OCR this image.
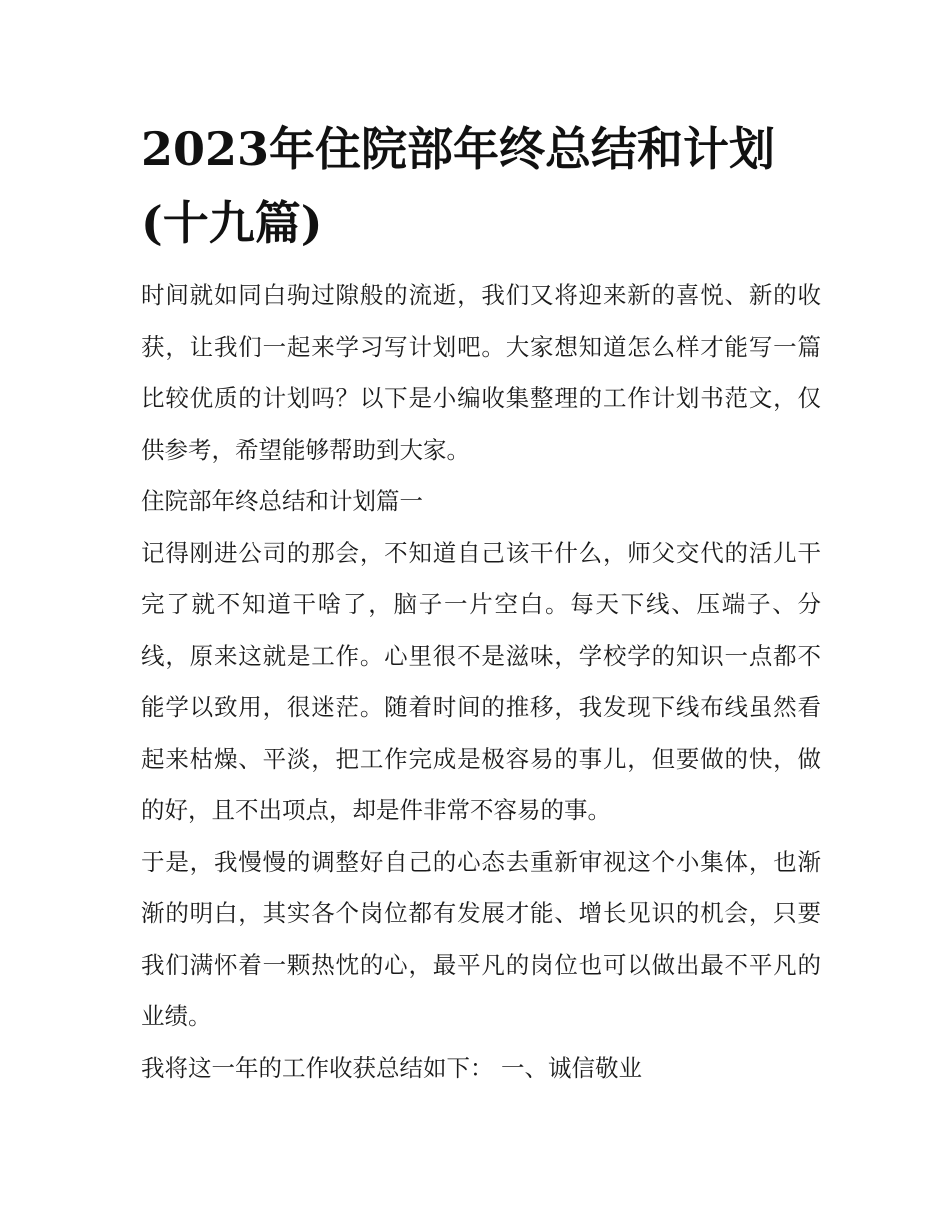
2023年住院部年终总结和计划(十九篇)

时间就如同白驹过隙般的流逝，我们又将迎来新的喜悦、新的收获，让我们一起来学习写计划吧。大家想知道怎么样才能写一篇比较优质的计划吗？以下是小编收集整理的工作计划书范文，仅供参考，希望能够帮助到大家。

住院部年终总结和计划篇一

记得刚进公司的那会，不知道自己该干什么，师父交代的活儿干完了就不知道干啥了，脑子一片空白。每天下线、压端子、分线，原来这就是工作。心里很不是滋味，学校学的知识一点都不能学以致用，很迷茫。随着时间的推移，我发现下线布线虽然看起来枯燥、平淡，把工作完成是极容易的事儿，但要做的快，做的好，且不出项点，却是件非常不容易的事。

于是，我慢慢的调整好自己的心态去重新审视这个小集体，也渐渐的明白，其实各个岗位都有发展才能、增长见识的机会，只要我们满怀着一颗热忱的心，最平凡的岗位也可以做出最不平凡的业绩。

我将这一年的工作收获总结如下： 一、诚信敬业
